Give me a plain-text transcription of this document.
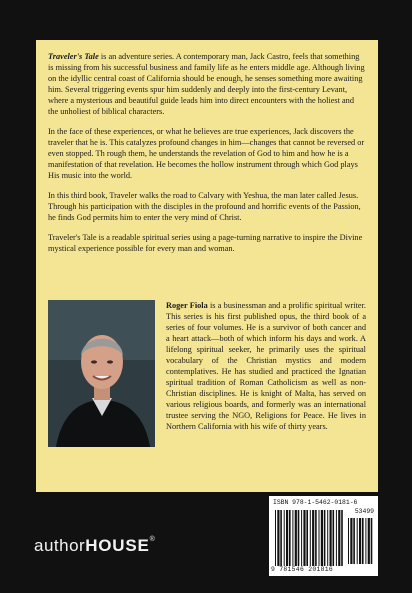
Traveler's Tale is an adventure series. A contemporary man, Jack Castro, feels that something is missing from his successful business and family life as he enters middle age. Although living on the idyllic central coast of California should be enough, he senses something more awaiting him. Several triggering events spur him suddenly and deeply into the first-century Levant, where a mysterious and beautiful guide leads him into direct encounters with the holiest and the unholiest of biblical characters.

In the face of these experiences, or what he believes are true experiences, Jack discovers the traveler that he is. This catalyzes profound changes in him—changes that cannot be reversed or even stopped. Th rough them, he understands the revelation of God to him and how he is a manifestation of that revelation. He becomes the hollow instrument through which God plays His music into the world.

In this third book, Traveler walks the road to Calvary with Yeshua, the man later called Jesus. Through his participation with the disciples in the profound and horrific events of the Passion, he finds God permits him to enter the very mind of Christ.

Traveler's Tale is a readable spiritual series using a page-turning narrative to inspire the Divine mystical experience possible for every man and woman.

Roger Fiola is a businessman and a prolific spiritual writer. This series is his first published opus, the third book of a series of four volumes. He is a survivor of both cancer and a heart attack—both of which inform his days and work. A lifelong spiritual seeker, he primarily uses the spiritual vocabulary of the Christian mystics and modern contemplatives. He has studied and practiced the Ignatian spiritual tradition of Roman Catholicism as well as non-Christian disciplines. He is knight of Malta, has served on various religious boards, and formerly was an international trustee serving the NGO, Religions for Peace. He lives in Northern California with his wife of thirty years.

authorHOUSE®
ISBN 978-1-5462-0181-6
53499
9 781546 201816
